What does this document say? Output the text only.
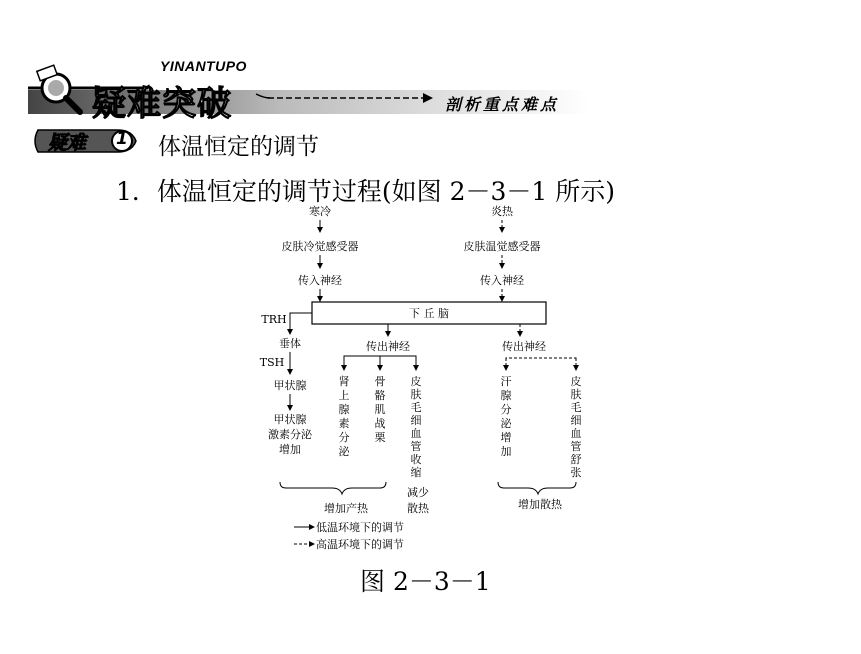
YINANTUPO
疑难突破	剖析重点难点
疑难 1 体温恒定的调节
1．体温恒定的调节过程(如图 2－3－1 所示)
寒冷
皮肤冷觉感受器
传入神经
炎热
皮肤温觉感受器
传入神经
下 丘 脑
TRH
垂体
TSH
甲状腺
甲状腺
激素分泌
增加
传出神经
肾
上
腺
素
分
泌
骨
骼
肌
战
栗
皮
肤
毛
细
血
管
收
缩
传出神经
汗
腺
分
泌
增
加
皮
肤
毛
细
血
管
舒
张
增加产热
减少
散热	增加散热
低温环境下的调节
高温环境下的调节
图 2－3－1
